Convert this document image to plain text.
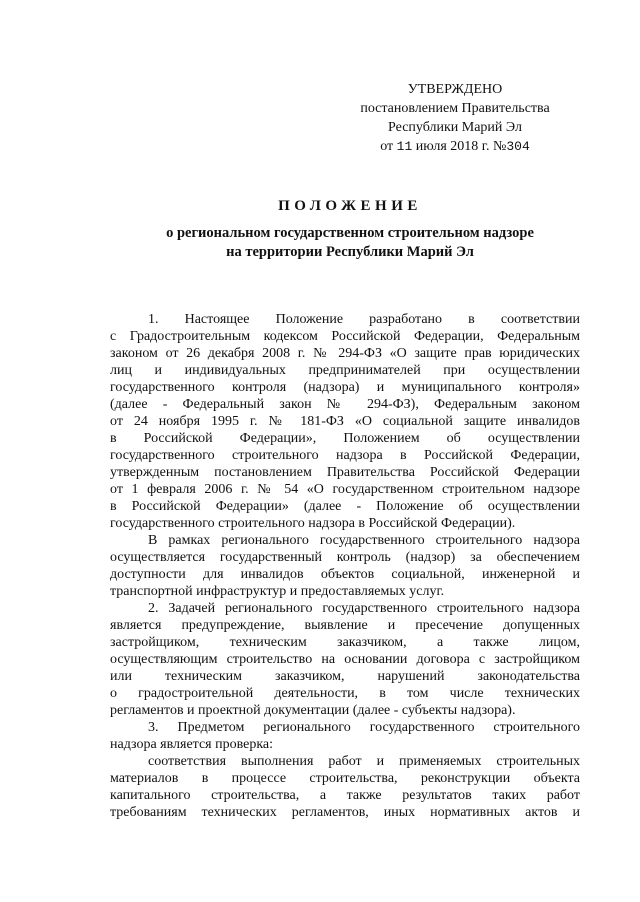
УТВЕРЖДЕНО
постановлением Правительства
Республики Марий Эл
от 11 июля 2018 г. №304
ПОЛОЖЕНИЕ
о региональном государственном строительном надзоре
на территории Республики Марий Эл
1. Настоящее Положение разработано в соответствии
с Градостроительным кодексом Российской Федерации, Федеральным
законом от 26 декабря 2008 г. № 294-ФЗ «О защите прав юридических
лиц и индивидуальных предпринимателей при осуществлении
государственного контроля (надзора) и муниципального контроля»
(далее - Федеральный закон № 294-ФЗ), Федеральным законом
от 24 ноября 1995 г. № 181-ФЗ «О социальной защите инвалидов
в Российской Федерации», Положением об осуществлении
государственного строительного надзора в Российской Федерации,
утвержденным постановлением Правительства Российской Федерации
от 1 февраля 2006 г. № 54 «О государственном строительном надзоре
в Российской Федерации» (далее - Положение об осуществлении
государственного строительного надзора в Российской Федерации).
В рамках регионального государственного строительного надзора
осуществляется государственный контроль (надзор) за обеспечением
доступности для инвалидов объектов социальной, инженерной и
транспортной инфраструктур и предоставляемых услуг.
2. Задачей регионального государственного строительного надзора
является предупреждение, выявление и пресечение допущенных
застройщиком, техническим заказчиком, а также лицом,
осуществляющим строительство на основании договора с застройщиком
или техническим заказчиком, нарушений законодательства
о градостроительной деятельности, в том числе технических
регламентов и проектной документации (далее - субъекты надзора).
3. Предметом регионального государственного строительного
надзора является проверка:
соответствия выполнения работ и применяемых строительных
материалов в процессе строительства, реконструкции объекта
капитального строительства, а также результатов таких работ
требованиям технических регламентов, иных нормативных актов и
